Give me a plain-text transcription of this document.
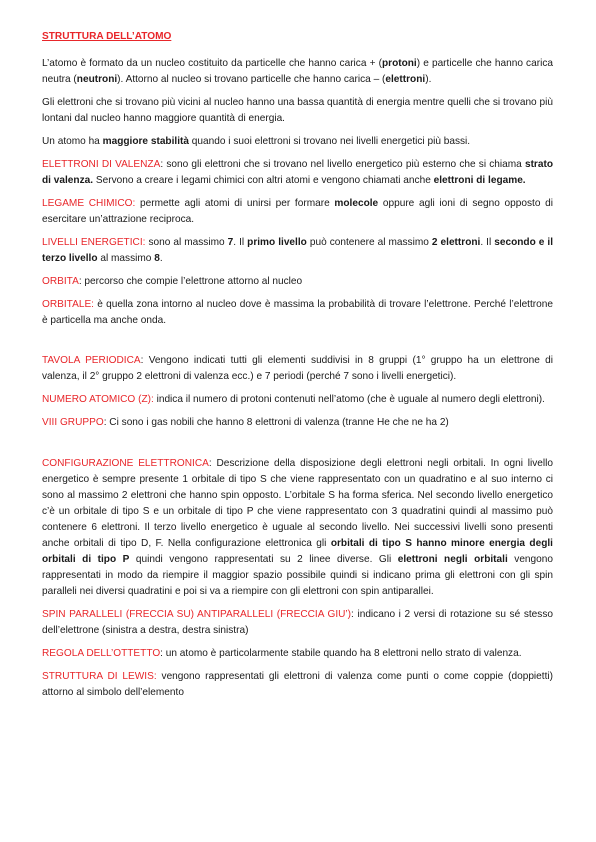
STRUTTURA DELL’ATOMO

L’atomo è formato da un nucleo costituito da particelle che hanno carica + (protoni) e particelle che hanno carica neutra (neutroni). Attorno al nucleo si trovano particelle che hanno carica – (elettroni).

Gli elettroni che si trovano più vicini al nucleo hanno una bassa quantità di energia mentre quelli che si trovano più lontani dal nucleo hanno maggiore quantità di energia.

Un atomo ha maggiore stabilità quando i suoi elettroni si trovano nei livelli energetici più bassi.

ELETTRONI DI VALENZA: sono gli elettroni che si trovano nel livello energetico più esterno che si chiama strato di valenza. Servono a creare i legami chimici con altri atomi e vengono chiamati anche elettroni di legame.

LEGAME CHIMICO: permette agli atomi di unirsi per formare molecole oppure agli ioni di segno opposto di esercitare un’attrazione reciproca.

LIVELLI ENERGETICI: sono al massimo 7. Il primo livello può contenere al massimo 2 elettroni. Il secondo e il terzo livello al massimo 8.

ORBITA: percorso che compie l’elettrone attorno al nucleo

ORBITALE: è quella zona intorno al nucleo dove è massima la probabilità di trovare l’elettrone. Perché l’elettrone è particella ma anche onda.

TAVOLA PERIODICA: Vengono indicati tutti gli elementi suddivisi in 8 gruppi (1° gruppo ha un elettrone di valenza, il 2° gruppo 2 elettroni di valenza ecc.) e 7 periodi (perché 7 sono i livelli energetici).

NUMERO ATOMICO (Z): indica il numero di protoni contenuti nell’atomo (che è uguale al numero degli elettroni).

VIII GRUPPO: Ci sono i gas nobili che hanno 8 elettroni di valenza (tranne He che ne ha 2)

CONFIGURAZIONE ELETTRONICA: Descrizione della disposizione degli elettroni negli orbitali. In ogni livello energetico è sempre presente 1 orbitale di tipo S che viene rappresentato con un quadratino e al suo interno ci sono al massimo 2 elettroni che hanno spin opposto. L’orbitale S ha forma sferica. Nel secondo livello energetico c’è un orbitale di tipo S e un orbitale di tipo P che viene rappresentato con 3 quadratini quindi al massimo può contenere 6 elettroni. Il terzo livello energetico è uguale al secondo livello. Nei successivi livelli sono presenti anche orbitali di tipo D, F. Nella configurazione elettronica gli orbitali di tipo S hanno minore energia degli orbitali di tipo P quindi vengono rappresentati su 2 linee diverse. Gli elettroni negli orbitali vengono rappresentati in modo da riempire il maggior spazio possibile quindi si indicano prima gli elettroni con gli spin paralleli nei diversi quadratini e poi si va a riempire con gli elettroni con spin antiparallei.

SPIN PARALLELI (FRECCIA SU) ANTIPARALLELI (FRECCIA GIU’): indicano i 2 versi di rotazione su sé stesso dell’elettrone (sinistra a destra, destra sinistra)

REGOLA DELL’OTTETTO: un atomo è particolarmente stabile quando ha 8 elettroni nello strato di valenza.

STRUTTURA DI LEWIS: vengono rappresentati gli elettroni di valenza come punti o come coppie (doppietti) attorno al simbolo dell’elemento
